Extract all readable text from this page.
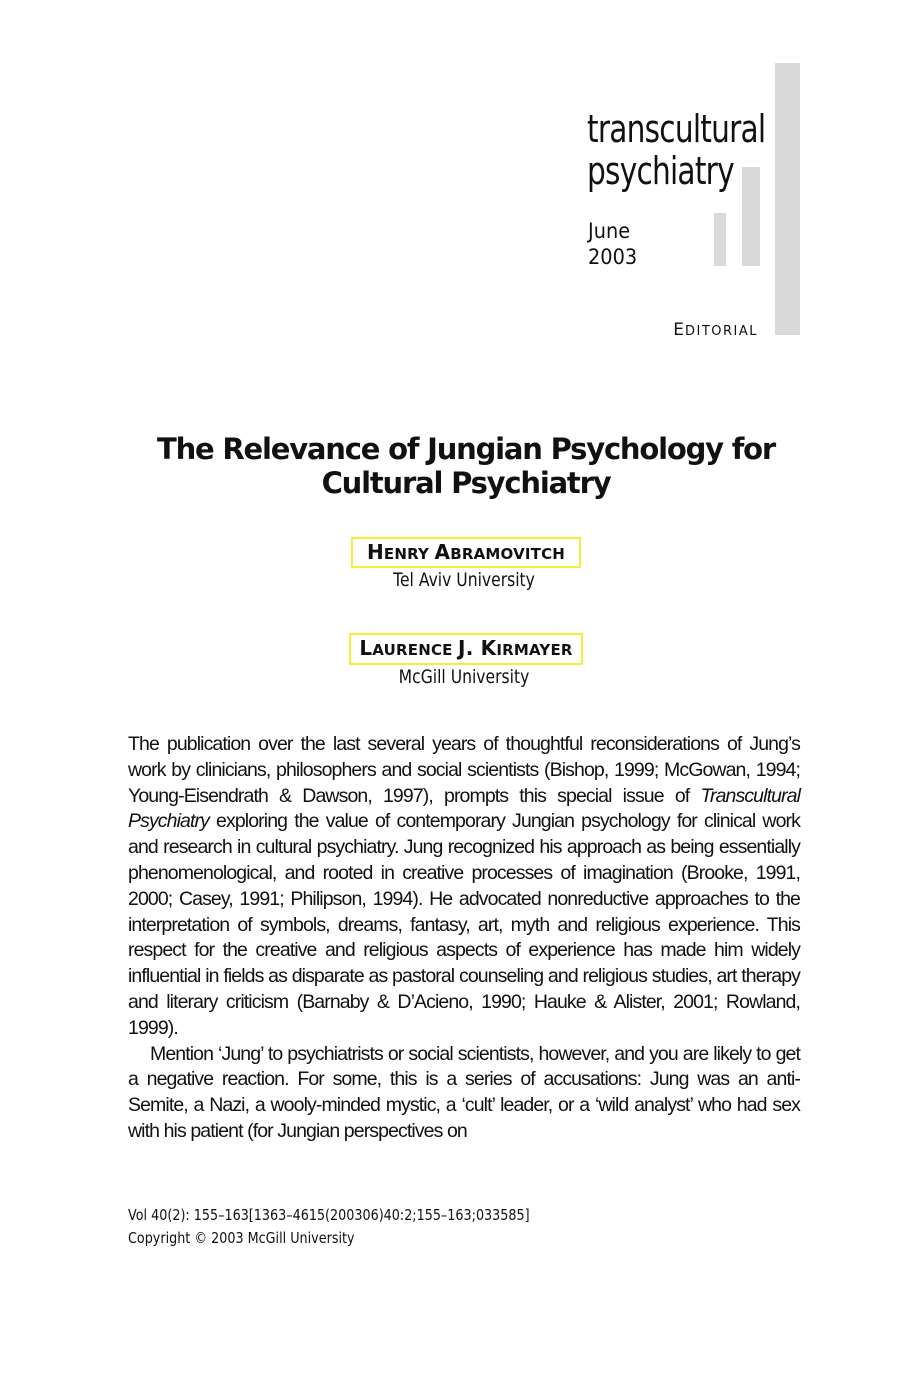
transcultural
psychiatry
June
2003
EDITORIAL
The Relevance of Jungian Psychology for Cultural Psychiatry
HENRY ABRAMOVITCH
Tel Aviv University
LAURENCE J. KIRMAYER
McGill University

The publication over the last several years of thoughtful reconsiderations of Jung’s work by clinicians, philosophers and social scientists (Bishop, 1999; McGowan, 1994; Young-Eisendrath & Dawson, 1997), prompts this special issue of Transcultural Psychiatry exploring the value of contemporary Jungian psychology for clinical work and research in cultural psychiatry. Jung recognized his approach as being essentially phenomenological, and rooted in creative processes of imagination (Brooke, 1991, 2000; Casey, 1991; Philipson, 1994). He advocated nonreductive approaches to the interpretation of symbols, dreams, fantasy, art, myth and religious experience. This respect for the creative and religious aspects of experience has made him widely influential in fields as disparate as pastoral counseling and religious studies, art therapy and literary criticism (Barnaby & D’Acieno, 1990; Hauke & Alister, 2001; Rowland, 1999).

Mention ‘Jung’ to psychiatrists or social scientists, however, and you are likely to get a negative reaction. For some, this is a series of accusations: Jung was an anti-Semite, a Nazi, a wooly-minded mystic, a ‘cult’ leader, or a ‘wild analyst’ who had sex with his patient (for Jungian perspectives on

Vol 40(2): 155–163[1363–4615(200306)40:2;155–163;033585]
Copyright © 2003 McGill University
